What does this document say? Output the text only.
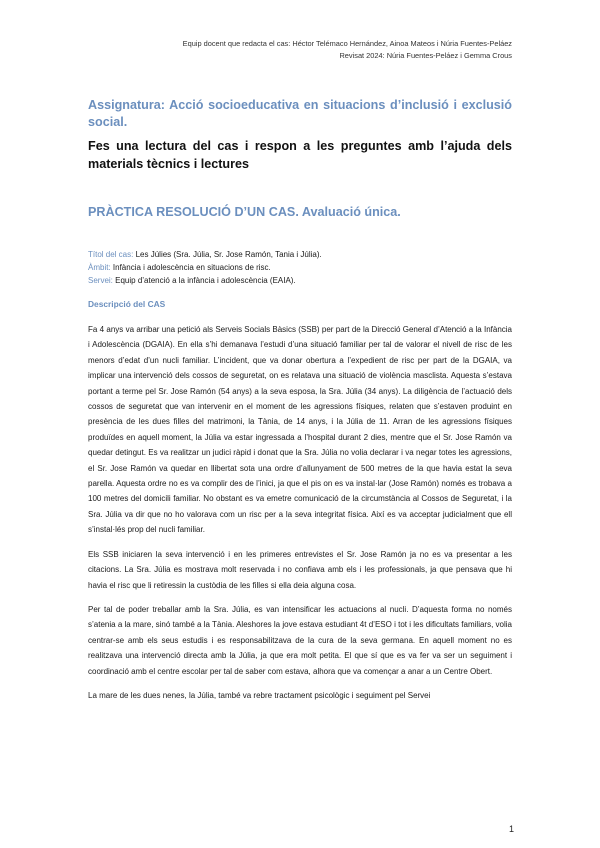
Equip docent que redacta el cas: Héctor Telémaco Hernández, Ainoa Mateos i Núria Fuentes-Peláez
Revisat 2024: Núria Fuentes-Peláez i Gemma Crous
Assignatura: Acció socioeducativa en situacions d’inclusió i exclusió social.
Fes una lectura del cas i respon a les preguntes amb l’ajuda dels materials tècnics i lectures
PRÀCTICA RESOLUCIÓ D’UN CAS. Avaluació única.
Títol del cas: Les Júlies (Sra. Júlia, Sr. Jose Ramón, Tania i Júlia).
Àmbit: Infància i adolescència en situacions de risc.
Servei: Equip d’atenció a la infància i adolescència (EAIA).
Descripció del CAS

Fa 4 anys va arribar una petició als Serveis Socials Bàsics (SSB) per part de la Direcció General d’Atenció a la Infància i Adolescència (DGAIA). En ella s’hi demanava l’estudi d’una situació familiar per tal de valorar el nivell de risc de les menors d’edat d’un nucli familiar. L’incident, que va donar obertura a l’expedient de risc per part de la DGAIA, va implicar una intervenció dels cossos de seguretat, on es relatava una situació de violència masclista. Aquesta s’estava portant a terme pel Sr. Jose Ramón (54 anys) a la seva esposa, la Sra. Júlia (34 anys). La diligència de l’actuació dels cossos de seguretat que van intervenir en el moment de les agressions físiques, relaten que s’estaven produint en presència de les dues filles del matrimoni, la Tània, de 14 anys, i la Júlia de 11. Arran de les agressions físiques produïdes en aquell moment, la Júlia va estar ingressada a l’hospital durant 2 dies, mentre que el Sr. Jose Ramón va quedar detingut. Es va realitzar un judici ràpid i donat que la Sra. Júlia no volia declarar i va negar totes les agressions, el Sr. Jose Ramón va quedar en llibertat sota una ordre d’allunyament de 500 metres de la que havia estat la seva parella. Aquesta ordre no es va complir des de l’inici, ja que el pis on es va instal·lar (Jose Ramón) només es trobava a 100 metres del domicili familiar. No obstant es va emetre comunicació de la circumstància al Cossos de Seguretat, i la Sra. Júlia va dir que no ho valorava com un risc per a la seva integritat física. Així es va acceptar judicialment que ell s’instal·lés prop del nucli familiar.

Els SSB iniciaren la seva intervenció i en les primeres entrevistes el Sr. Jose Ramón ja no es va presentar a les citacions. La Sra. Júlia es mostrava molt reservada i no confiava amb els i les professionals, ja que pensava que hi havia el risc que li retiressin la custòdia de les filles si ella deia alguna cosa.

Per tal de poder treballar amb la Sra. Júlia, es van intensificar les actuacions al nucli. D’aquesta forma no només s’atenia a la mare, sinó també a la Tània. Aleshores la jove estava estudiant 4t d’ESO i tot i les dificultats familiars, volia centrar-se amb els seus estudis i es responsabilitzava de la cura de la seva germana. En aquell moment no es realitzava una intervenció directa amb la Júlia, ja que era molt petita. El que sí que es va fer va ser un seguiment i coordinació amb el centre escolar per tal de saber com estava, alhora que va començar a anar a un Centre Obert.

La mare de les dues nenes, la Júlia, també va rebre tractament psicològic i seguiment pel Servei

1
